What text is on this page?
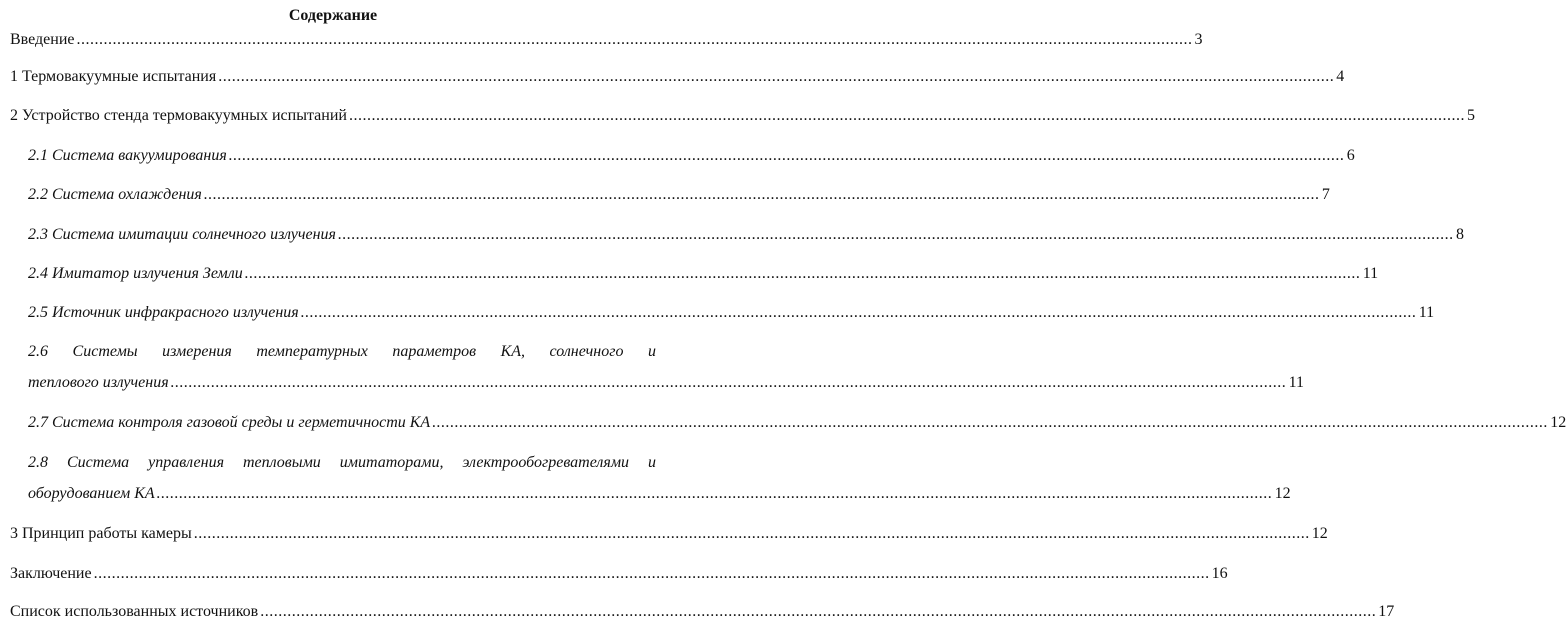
Содержание
Введение .....	3
1 Термовакуумные испытания .....	4
2 Устройство стенда термовакуумных испытаний .....	5
2.1 Система вакуумирования .....	6
2.2 Система охлаждения .....	7
2.3 Система имитации солнечного излучения .....	8
2.4 Имитатор излучения Земли .....	11
2.5 Источник инфракрасного излучения .....	11
2.6 Системы измерения температурных параметров КА, солнечного и
теплового излучения .....	11
2.7 Система контроля газовой среды и герметичности КА .....	12
2.8 Система управления тепловыми имитаторами, электрообогревателями и
оборудованием КА .....	12
3 Принцип работы камеры .....	12
Заключение .....	16
Список использованных источников .....	17
